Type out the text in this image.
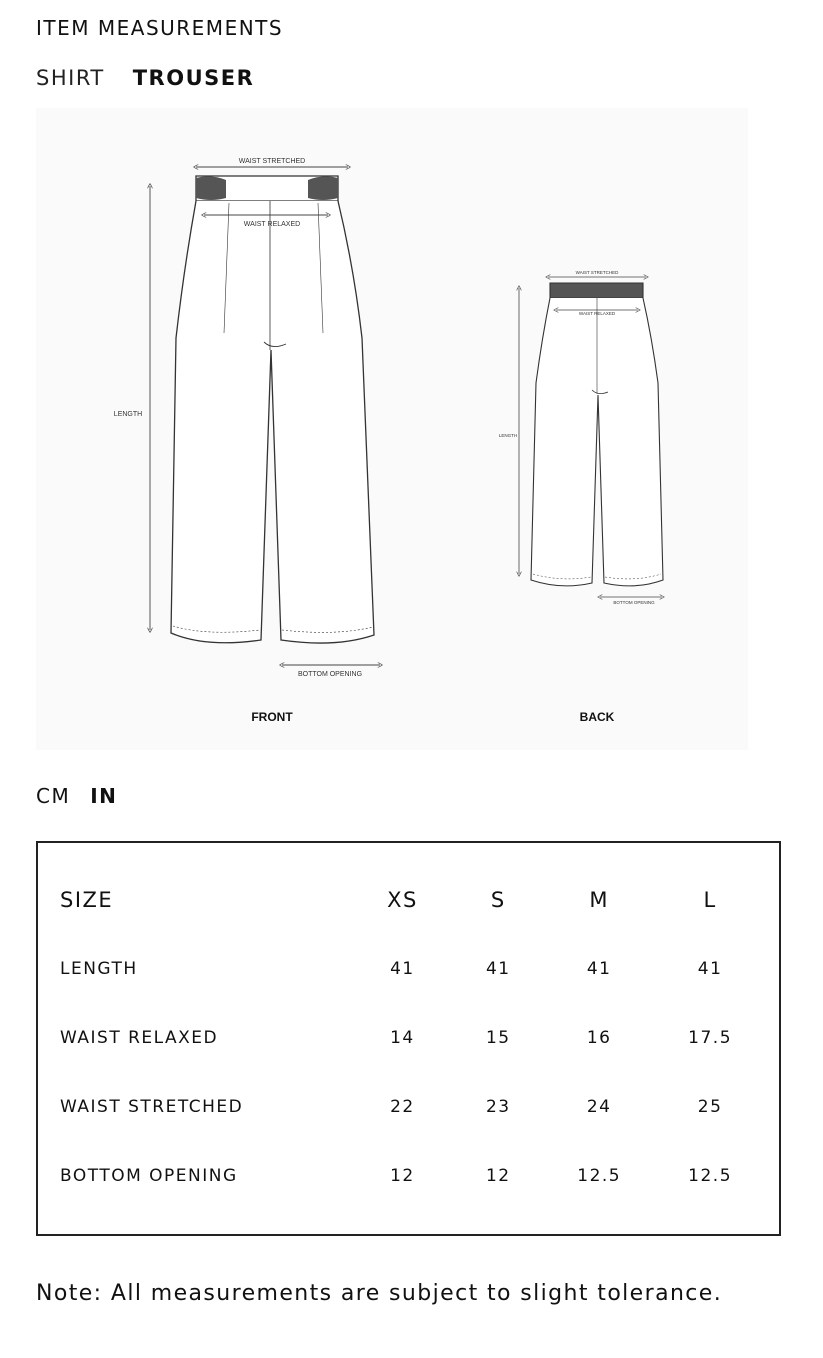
ITEM MEASUREMENTS
SHIRT TROUSER
WAIST STRETCHED
WAIST RELAXED
LENGTH
BOTTOM OPENING
WAIST STRETCHED
WAIST RELAXED
LENGTH
BOTTOM OPENING
FRONT	BACK
CM IN
SIZE	XS	S	M	L
LENGTH	41	41	41	41
WAIST RELAXED	14	15	16	17.5
WAIST STRETCHED	22	23	24	25
BOTTOM OPENING	12	12	12.5	12.5

Note: All measurements are subject to slight tolerance.
